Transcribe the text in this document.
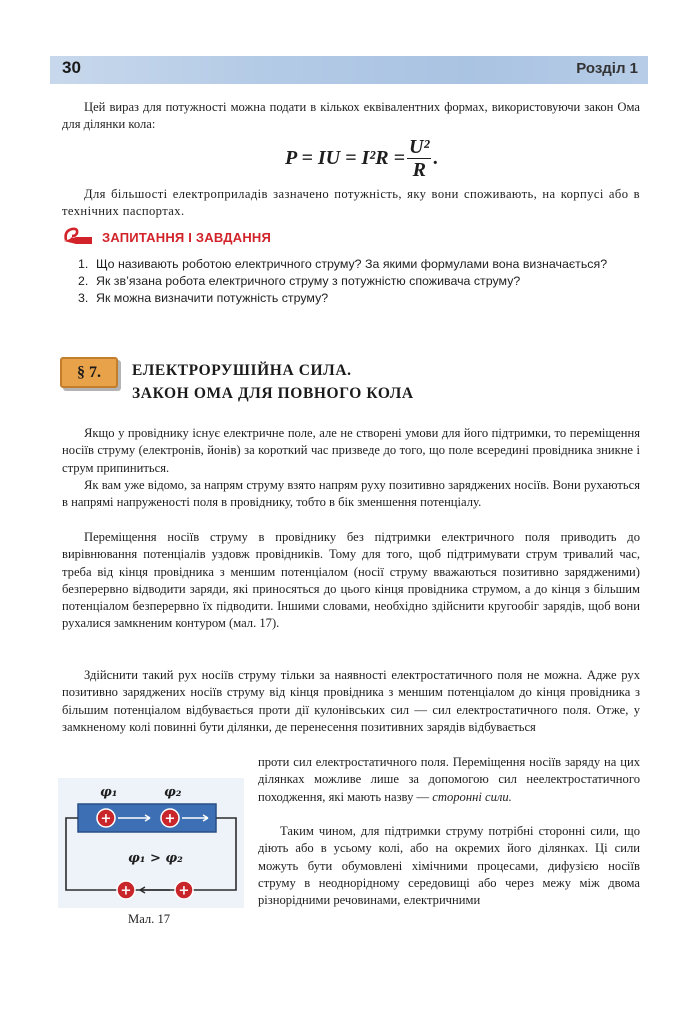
30	Розділ 1
Цей вираз для потужності можна подати в кількох еквівалентних формах, використовуючи закон Ома для ділянки кола:
P = IU = $I^2R = \frac{\text{U²}}{R}$ .
Для більшості електроприладів зазначено потужність, яку вони споживають, на корпусі або в технічних паспортах.
ЗАПИТАННЯ І ЗАВДАННЯ
1. Що називають роботою електричного струму? За якими формулами вона визначається?
2. Як зв’язана робота електричного струму з потужністю споживача струму?
3. Як можна визначити потужність струму?
§ 7.	ЕЛЕКТРОРУШІЙНА СИЛА.
ЗАКОН ОМА ДЛЯ ПОВНОГО КОЛА
Якщо у провіднику існує електричне поле, але не створені умови для його підтримки, то переміщення носіїв струму (електронів, йонів) за короткий час призведе до того, що поле всередині провідника зникне і струм припиниться.
Як вам уже відомо, за напрям струму взято напрям руху позитивно заряджених носіїв. Вони рухаються в напрямі напруженості поля в провіднику, тобто в бік зменшення потенціалу.
Переміщення носіїв струму в провіднику без підтримки електричного поля приводить до вирівнювання потенціалів уздовж провідників. Тому для того, щоб підтримувати струм тривалий час, треба від кінця провідника з меншим потенціалом (носії струму вважаються позитивно зарядженими) безперервно відводити заряди, які приносяться до цього кінця провідника струмом, а до кінця з більшим потенціалом безперервно їх підводити. Іншими словами, необхідно здійснити кругообіг зарядів, щоб вони рухалися замкненим контуром (мал. 17).
Здійснити такий рух носіїв струму тільки за наявності електростатичного поля не можна. Адже рух позитивно заряджених носіїв струму від кінця провідника з меншим потенціалом до кінця провідника з більшим потенціалом відбувається проти дії кулонівських сил — сил електростатичного поля. Отже, у замкненому колі повинні бути ділянки, де перенесення позитивних зарядів відбувається
проти сил електростатичного поля. Переміщення носіїв заряду на цих ділянках можливе лише за допомогою сил неелектростатичного походження, які мають назву — сторонні сили.
Таким чином, для підтримки струму потрібні сторонні сили, що діють або в усьому колі, або на окремих його ділянках. Ці сили можуть бути обумовлені хімічними процесами, дифузією носіїв струму в неоднорідному середовищі або через межу між двома різнорідними речовинами, електричними
+	+
+	+
φ₁	φ₂
φ₁ > φ₂
Мал. 17
